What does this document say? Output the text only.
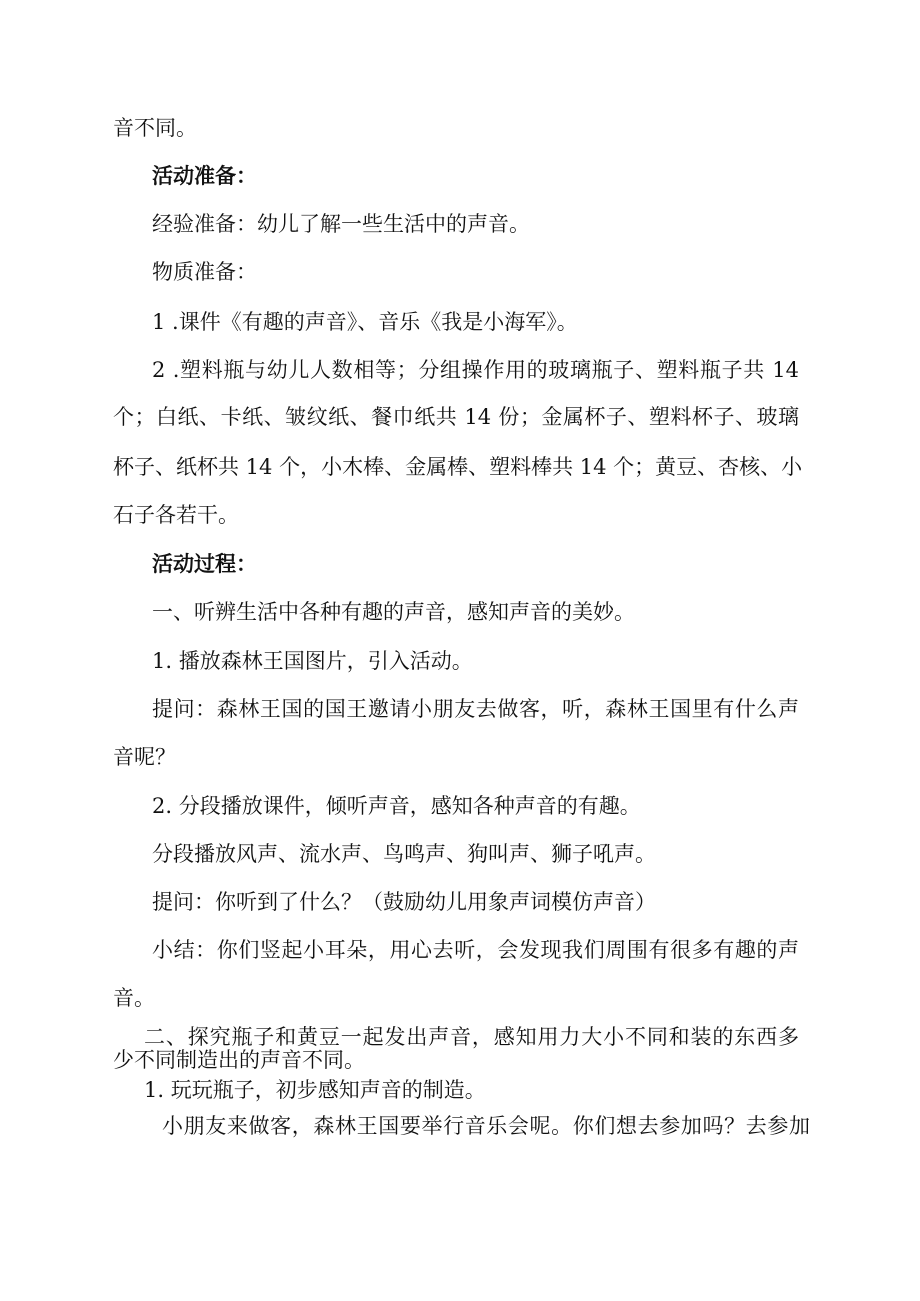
音不同。
活动准备：
经验准备：幼儿了解一些生活中的声音。
物质准备：
1 .课件《有趣的声音》、音乐《我是小海军》。
2 .塑料瓶与幼儿人数相等；分组操作用的玻璃瓶子、塑料瓶子共 14
个；白纸、卡纸、皱纹纸、餐巾纸共 14 份；金属杯子、塑料杯子、玻璃
杯子、纸杯共 14 个，小木棒、金属棒、塑料棒共 14 个；黄豆、杏核、小
石子各若干。
活动过程：
一、听辨生活中各种有趣的声音，感知声音的美妙。
1. 播放森林王国图片，引入活动。
提问：森林王国的国王邀请小朋友去做客，听，森林王国里有什么声
音呢？
2. 分段播放课件，倾听声音，感知各种声音的有趣。
分段播放风声、流水声、鸟鸣声、狗叫声、狮子吼声。
提问：你听到了什么？（鼓励幼儿用象声词模仿声音）
小结：你们竖起小耳朵，用心去听，会发现我们周围有很多有趣的声
音。
二、探究瓶子和黄豆一起发出声音，感知用力大小不同和装的东西多
少不同制造出的声音不同。
1. 玩玩瓶子，初步感知声音的制造。
小朋友来做客，森林王国要举行音乐会呢。你们想去参加吗？去参加
